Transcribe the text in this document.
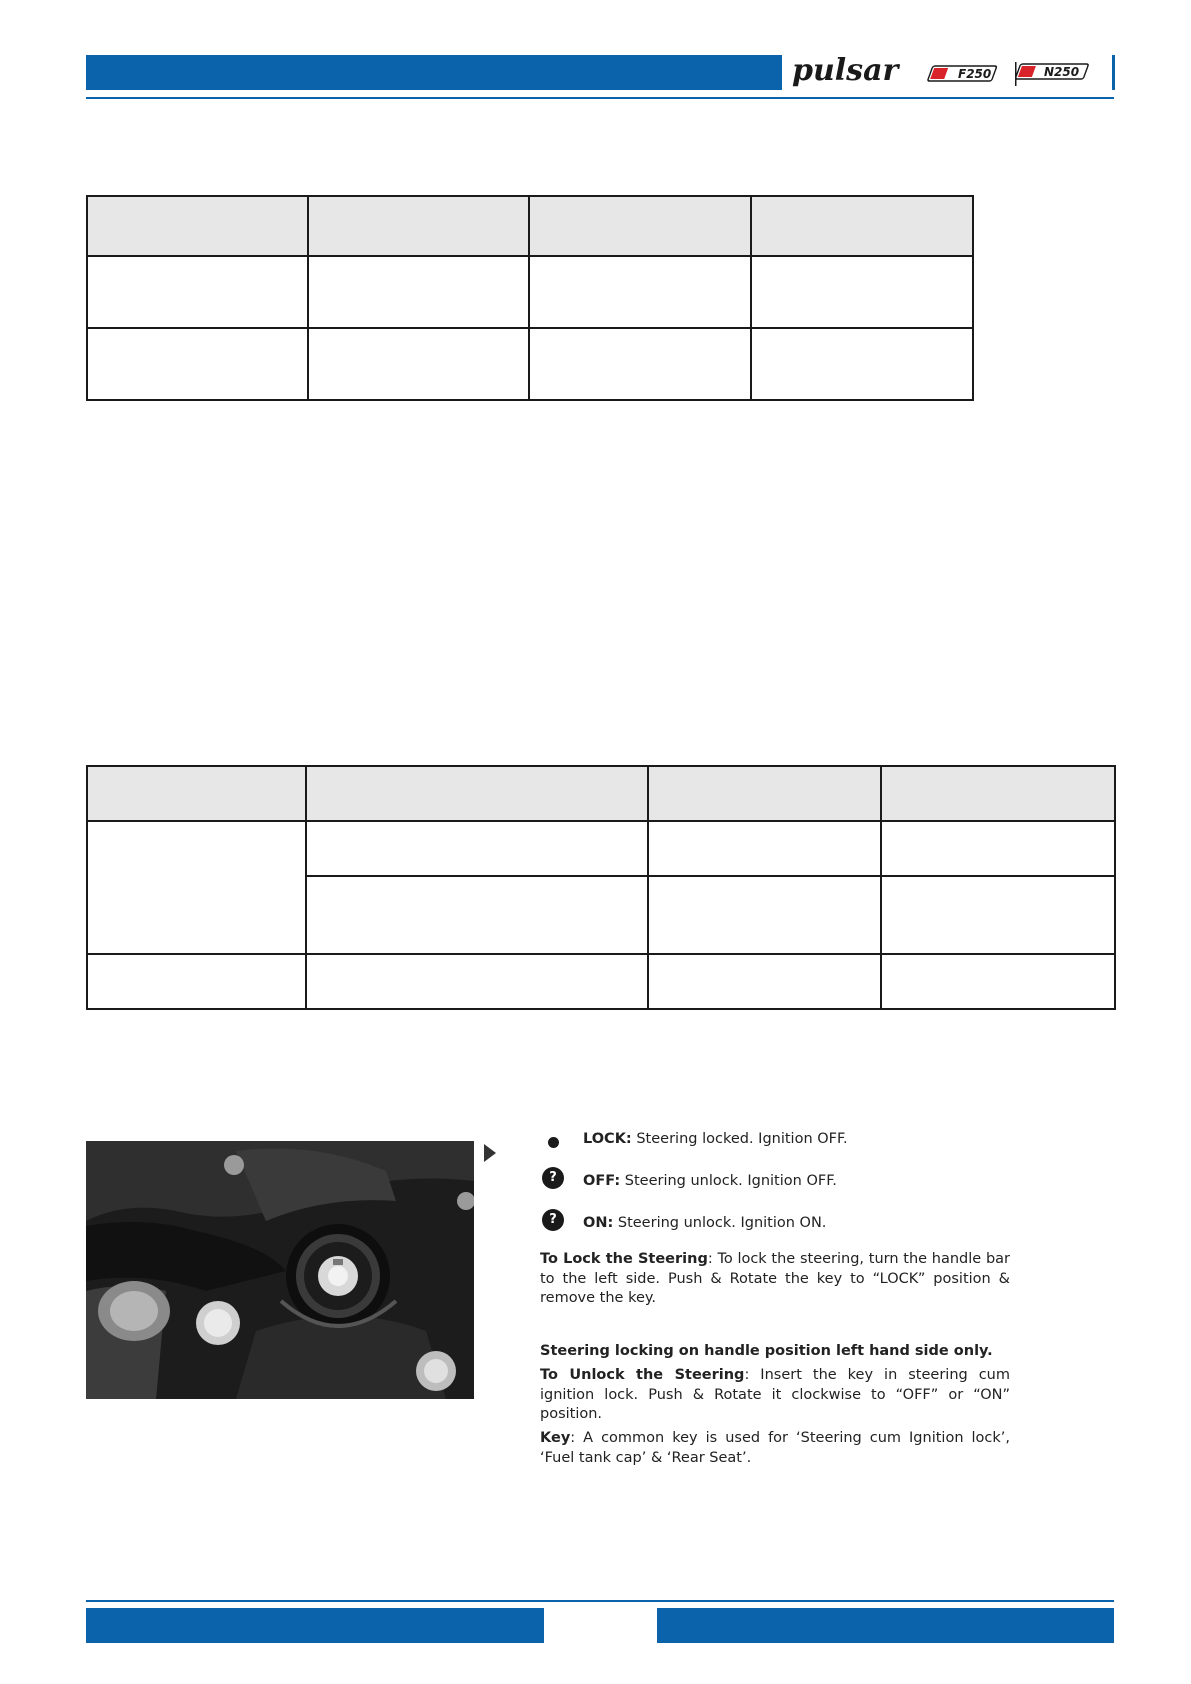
pulsar	F250	N250

LOCK: Steering locked. Ignition OFF.
?	OFF: Steering unlock. Ignition OFF.
?	ON: Steering unlock. Ignition ON.
To Lock the Steering: To lock the steering, turn the handle bar to the left side. Push & Rotate the key to “LOCK” position & remove the key.
Steering locking on handle position left hand side only.
To Unlock the Steering: Insert the key in steering cum ignition lock. Push & Rotate it clockwise to “OFF” or “ON” position.
Key: A common key is used for ‘Steering cum Ignition lock’, ‘Fuel tank cap’ & ‘Rear Seat’.
